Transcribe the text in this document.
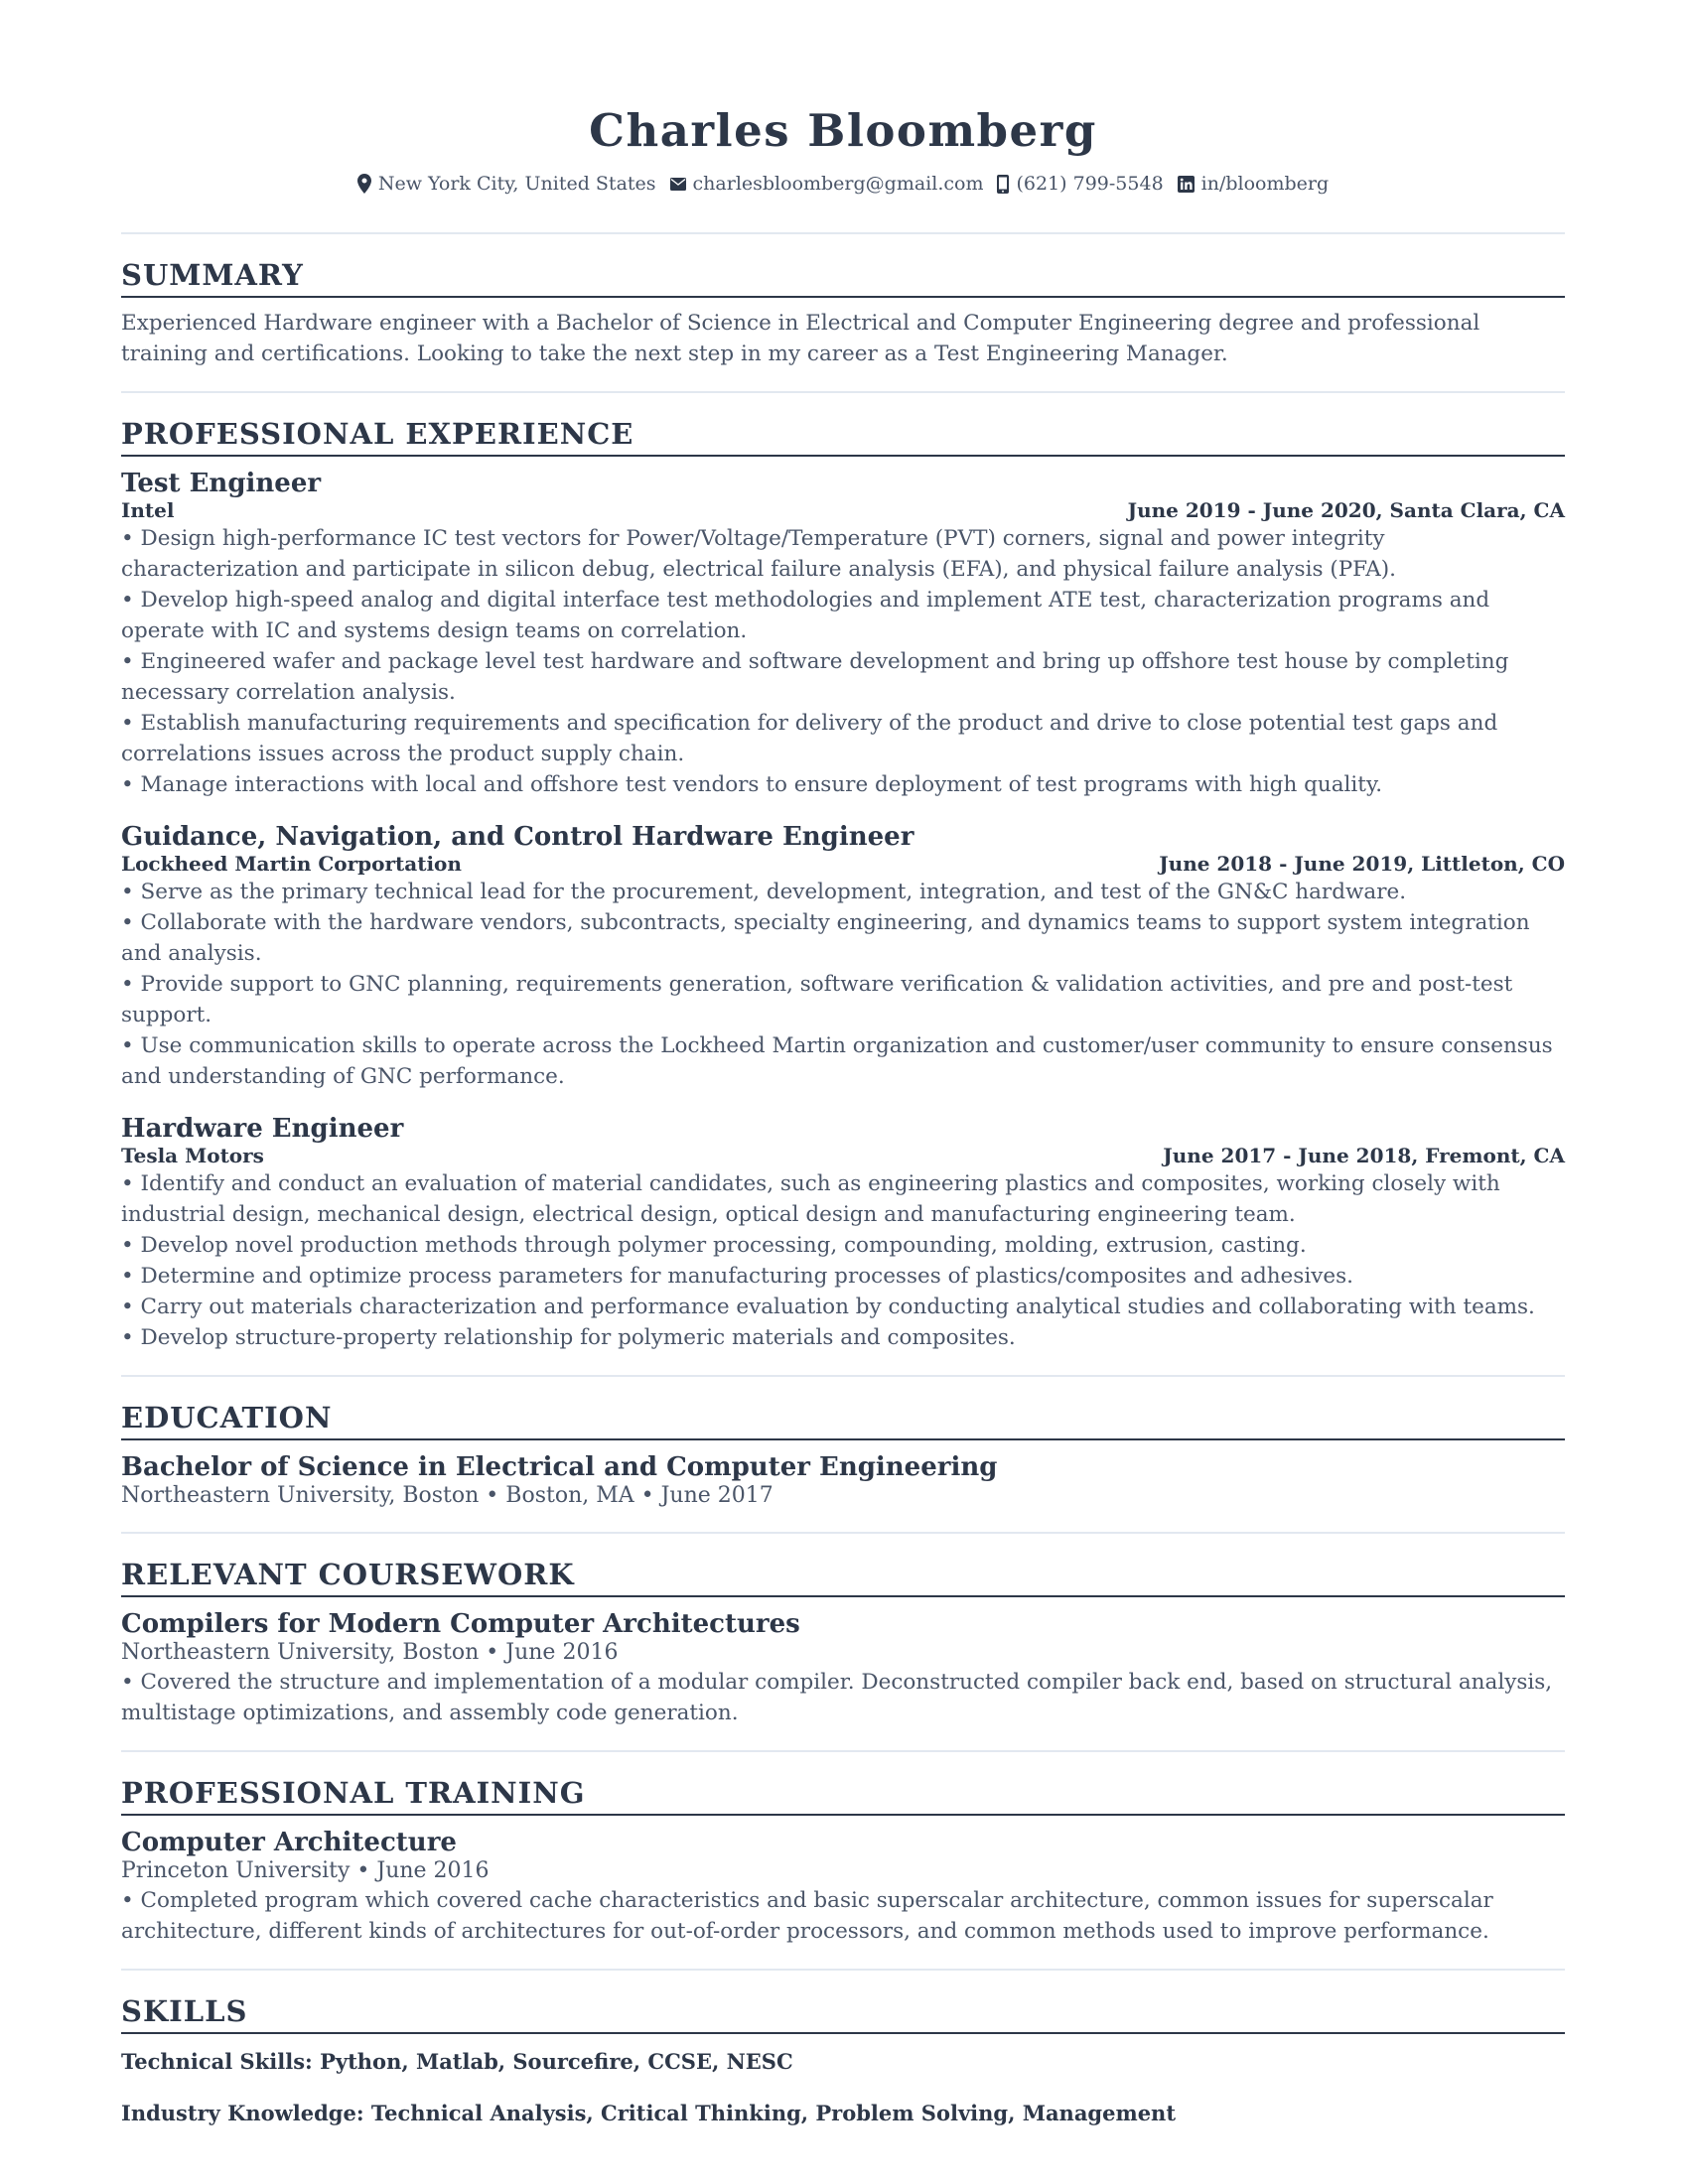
Charles Bloomberg
New York City, United States charlesbloomberg@gmail.com (621) 799-5548 in/bloomberg
SUMMARY

Experienced Hardware engineer with a Bachelor of Science in Electrical and Computer Engineering degree and professional training and certifications. Looking to take the next step in my career as a Test Engineering Manager.

PROFESSIONAL EXPERIENCE
Test Engineer
Intel	June 2019 - June 2020, Santa Clara, CA
• Design high-performance IC test vectors for Power/Voltage/Temperature (PVT) corners, signal and power integrity characterization and participate in silicon debug, electrical failure analysis (EFA), and physical failure analysis (PFA).
• Develop high-speed analog and digital interface test methodologies and implement ATE test, characterization programs and operate with IC and systems design teams on correlation.
• Engineered wafer and package level test hardware and software development and bring up offshore test house by completing necessary correlation analysis.
• Establish manufacturing requirements and specification for delivery of the product and drive to close potential test gaps and correlations issues across the product supply chain.
• Manage interactions with local and offshore test vendors to ensure deployment of test programs with high quality.
Guidance, Navigation, and Control Hardware Engineer
Lockheed Martin Corportation	June 2018 - June 2019, Littleton, CO
• Serve as the primary technical lead for the procurement, development, integration, and test of the GN&C hardware.
• Collaborate with the hardware vendors, subcontracts, specialty engineering, and dynamics teams to support system integration and analysis.
• Provide support to GNC planning, requirements generation, software verification & validation activities, and pre and post-test support.
• Use communication skills to operate across the Lockheed Martin organization and customer/user community to ensure consensus and understanding of GNC performance.
Hardware Engineer
Tesla Motors	June 2017 - June 2018, Fremont, CA
• Identify and conduct an evaluation of material candidates, such as engineering plastics and composites, working closely with industrial design, mechanical design, electrical design, optical design and manufacturing engineering team.
• Develop novel production methods through polymer processing, compounding, molding, extrusion, casting.
• Determine and optimize process parameters for manufacturing processes of plastics/composites and adhesives.
• Carry out materials characterization and performance evaluation by conducting analytical studies and collaborating with teams.
• Develop structure-property relationship for polymeric materials and composites.
EDUCATION
Bachelor of Science in Electrical and Computer Engineering
Northeastern University, Boston • Boston, MA • June 2017
RELEVANT COURSEWORK
Compilers for Modern Computer Architectures
Northeastern University, Boston • June 2016
• Covered the structure and implementation of a modular compiler. Deconstructed compiler back end, based on structural analysis, multistage optimizations, and assembly code generation.
PROFESSIONAL TRAINING
Computer Architecture
Princeton University • June 2016
• Completed program which covered cache characteristics and basic superscalar architecture, common issues for superscalar architecture, different kinds of architectures for out-of-order processors, and common methods used to improve performance.
SKILLS
Technical Skills: Python, Matlab, Sourcefire, CCSE, NESC
Industry Knowledge: Technical Analysis, Critical Thinking, Problem Solving, Management
